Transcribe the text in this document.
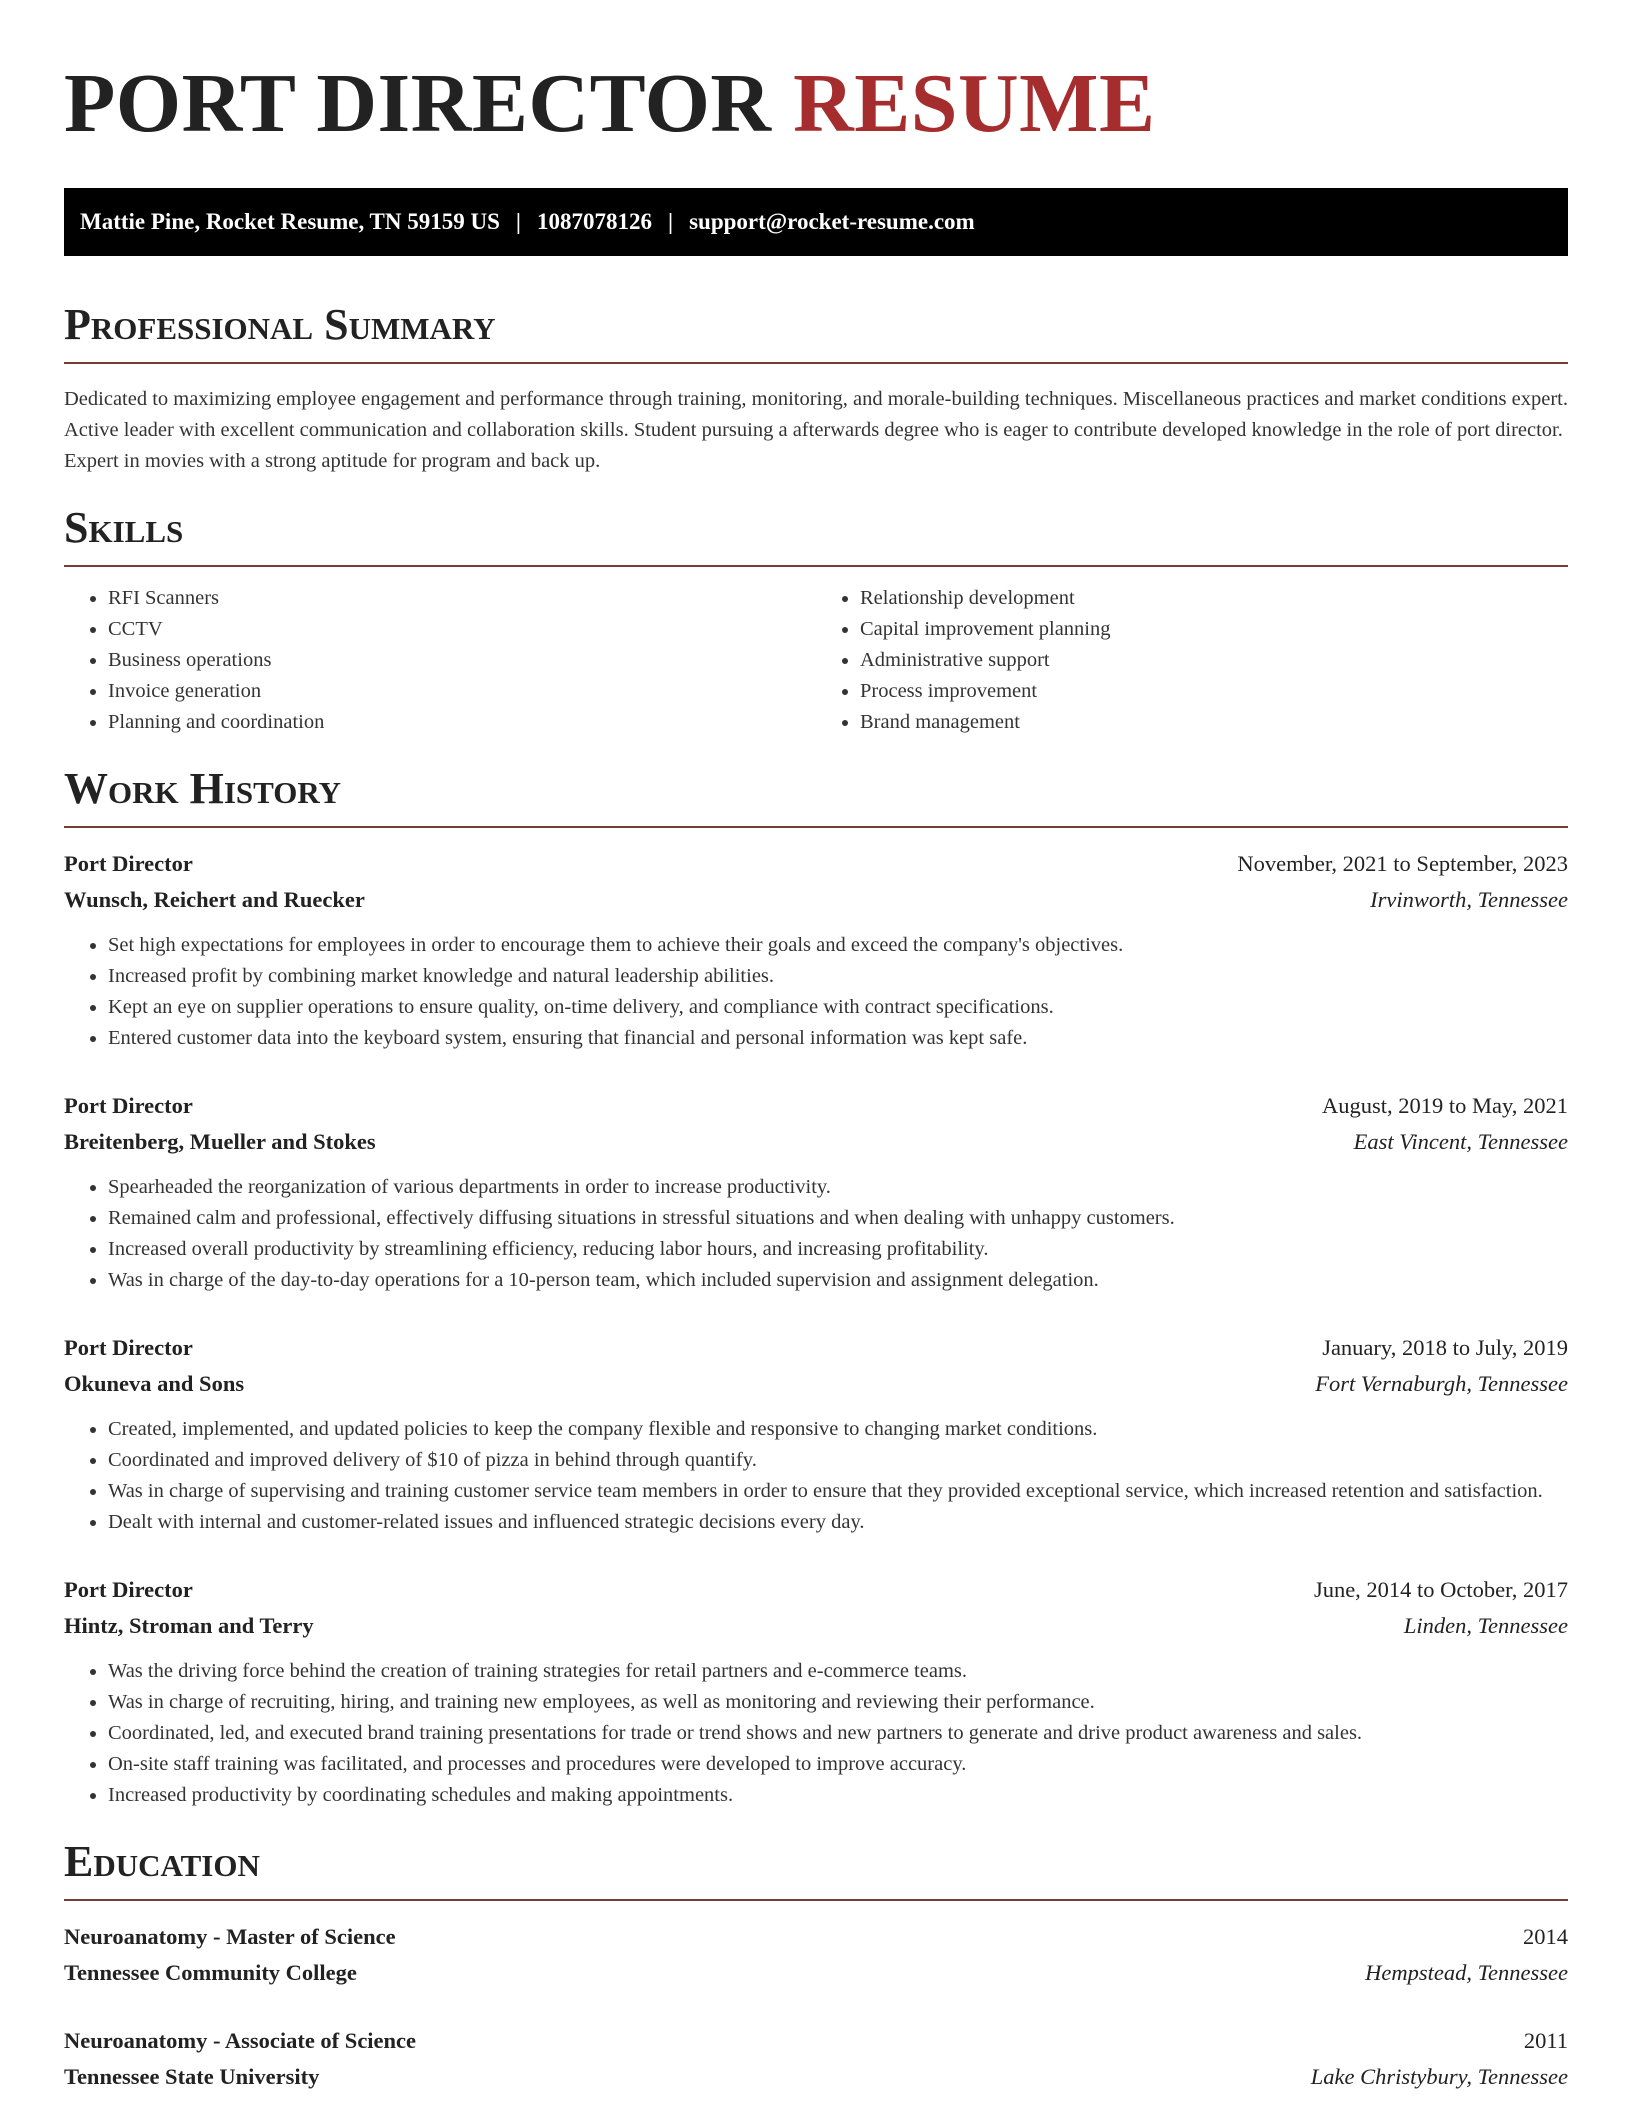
PORT DIRECTOR RESUME
Mattie Pine, Rocket Resume, TN 59159 US | 1087078126 | support@rocket-resume.com
Professional Summary

Dedicated to maximizing employee engagement and performance through training, monitoring, and morale-building techniques. Miscellaneous practices and market conditions expert. Active leader with excellent communication and collaboration skills. Student pursuing a afterwards degree who is eager to contribute developed knowledge in the role of port director. Expert in movies with a strong aptitude for program and back up.

Skills
• RFI Scanners
• CCTV
• Business operations
• Invoice generation
• Planning and coordination
• Relationship development
• Capital improvement planning
• Administrative support
• Process improvement
• Brand management
Work History
Port Director	November, 2021 to September, 2023
Wunsch, Reichert and Ruecker	Irvinworth, Tennessee
• Set high expectations for employees in order to encourage them to achieve their goals and exceed the company's objectives.
• Increased profit by combining market knowledge and natural leadership abilities.
• Kept an eye on supplier operations to ensure quality, on-time delivery, and compliance with contract specifications.
• Entered customer data into the keyboard system, ensuring that financial and personal information was kept safe.
Port Director	August, 2019 to May, 2021
Breitenberg, Mueller and Stokes	East Vincent, Tennessee
• Spearheaded the reorganization of various departments in order to increase productivity.
• Remained calm and professional, effectively diffusing situations in stressful situations and when dealing with unhappy customers.
• Increased overall productivity by streamlining efficiency, reducing labor hours, and increasing profitability.
• Was in charge of the day-to-day operations for a 10-person team, which included supervision and assignment delegation.
Port Director	January, 2018 to July, 2019
Okuneva and Sons	Fort Vernaburgh, Tennessee
• Created, implemented, and updated policies to keep the company flexible and responsive to changing market conditions.
• Coordinated and improved delivery of $10 of pizza in behind through quantify.
• Was in charge of supervising and training customer service team members in order to ensure that they provided exceptional service, which increased retention and satisfaction.
• Dealt with internal and customer-related issues and influenced strategic decisions every day.
Port Director	June, 2014 to October, 2017
Hintz, Stroman and Terry	Linden, Tennessee
• Was the driving force behind the creation of training strategies for retail partners and e-commerce teams.
• Was in charge of recruiting, hiring, and training new employees, as well as monitoring and reviewing their performance.
• Coordinated, led, and executed brand training presentations for trade or trend shows and new partners to generate and drive product awareness and sales.
• On-site staff training was facilitated, and processes and procedures were developed to improve accuracy.
• Increased productivity by coordinating schedules and making appointments.
Education
Neuroanatomy - Master of Science	2014
Tennessee Community College	Hempstead, Tennessee
Neuroanatomy - Associate of Science	2011
Tennessee State University	Lake Christybury, Tennessee
